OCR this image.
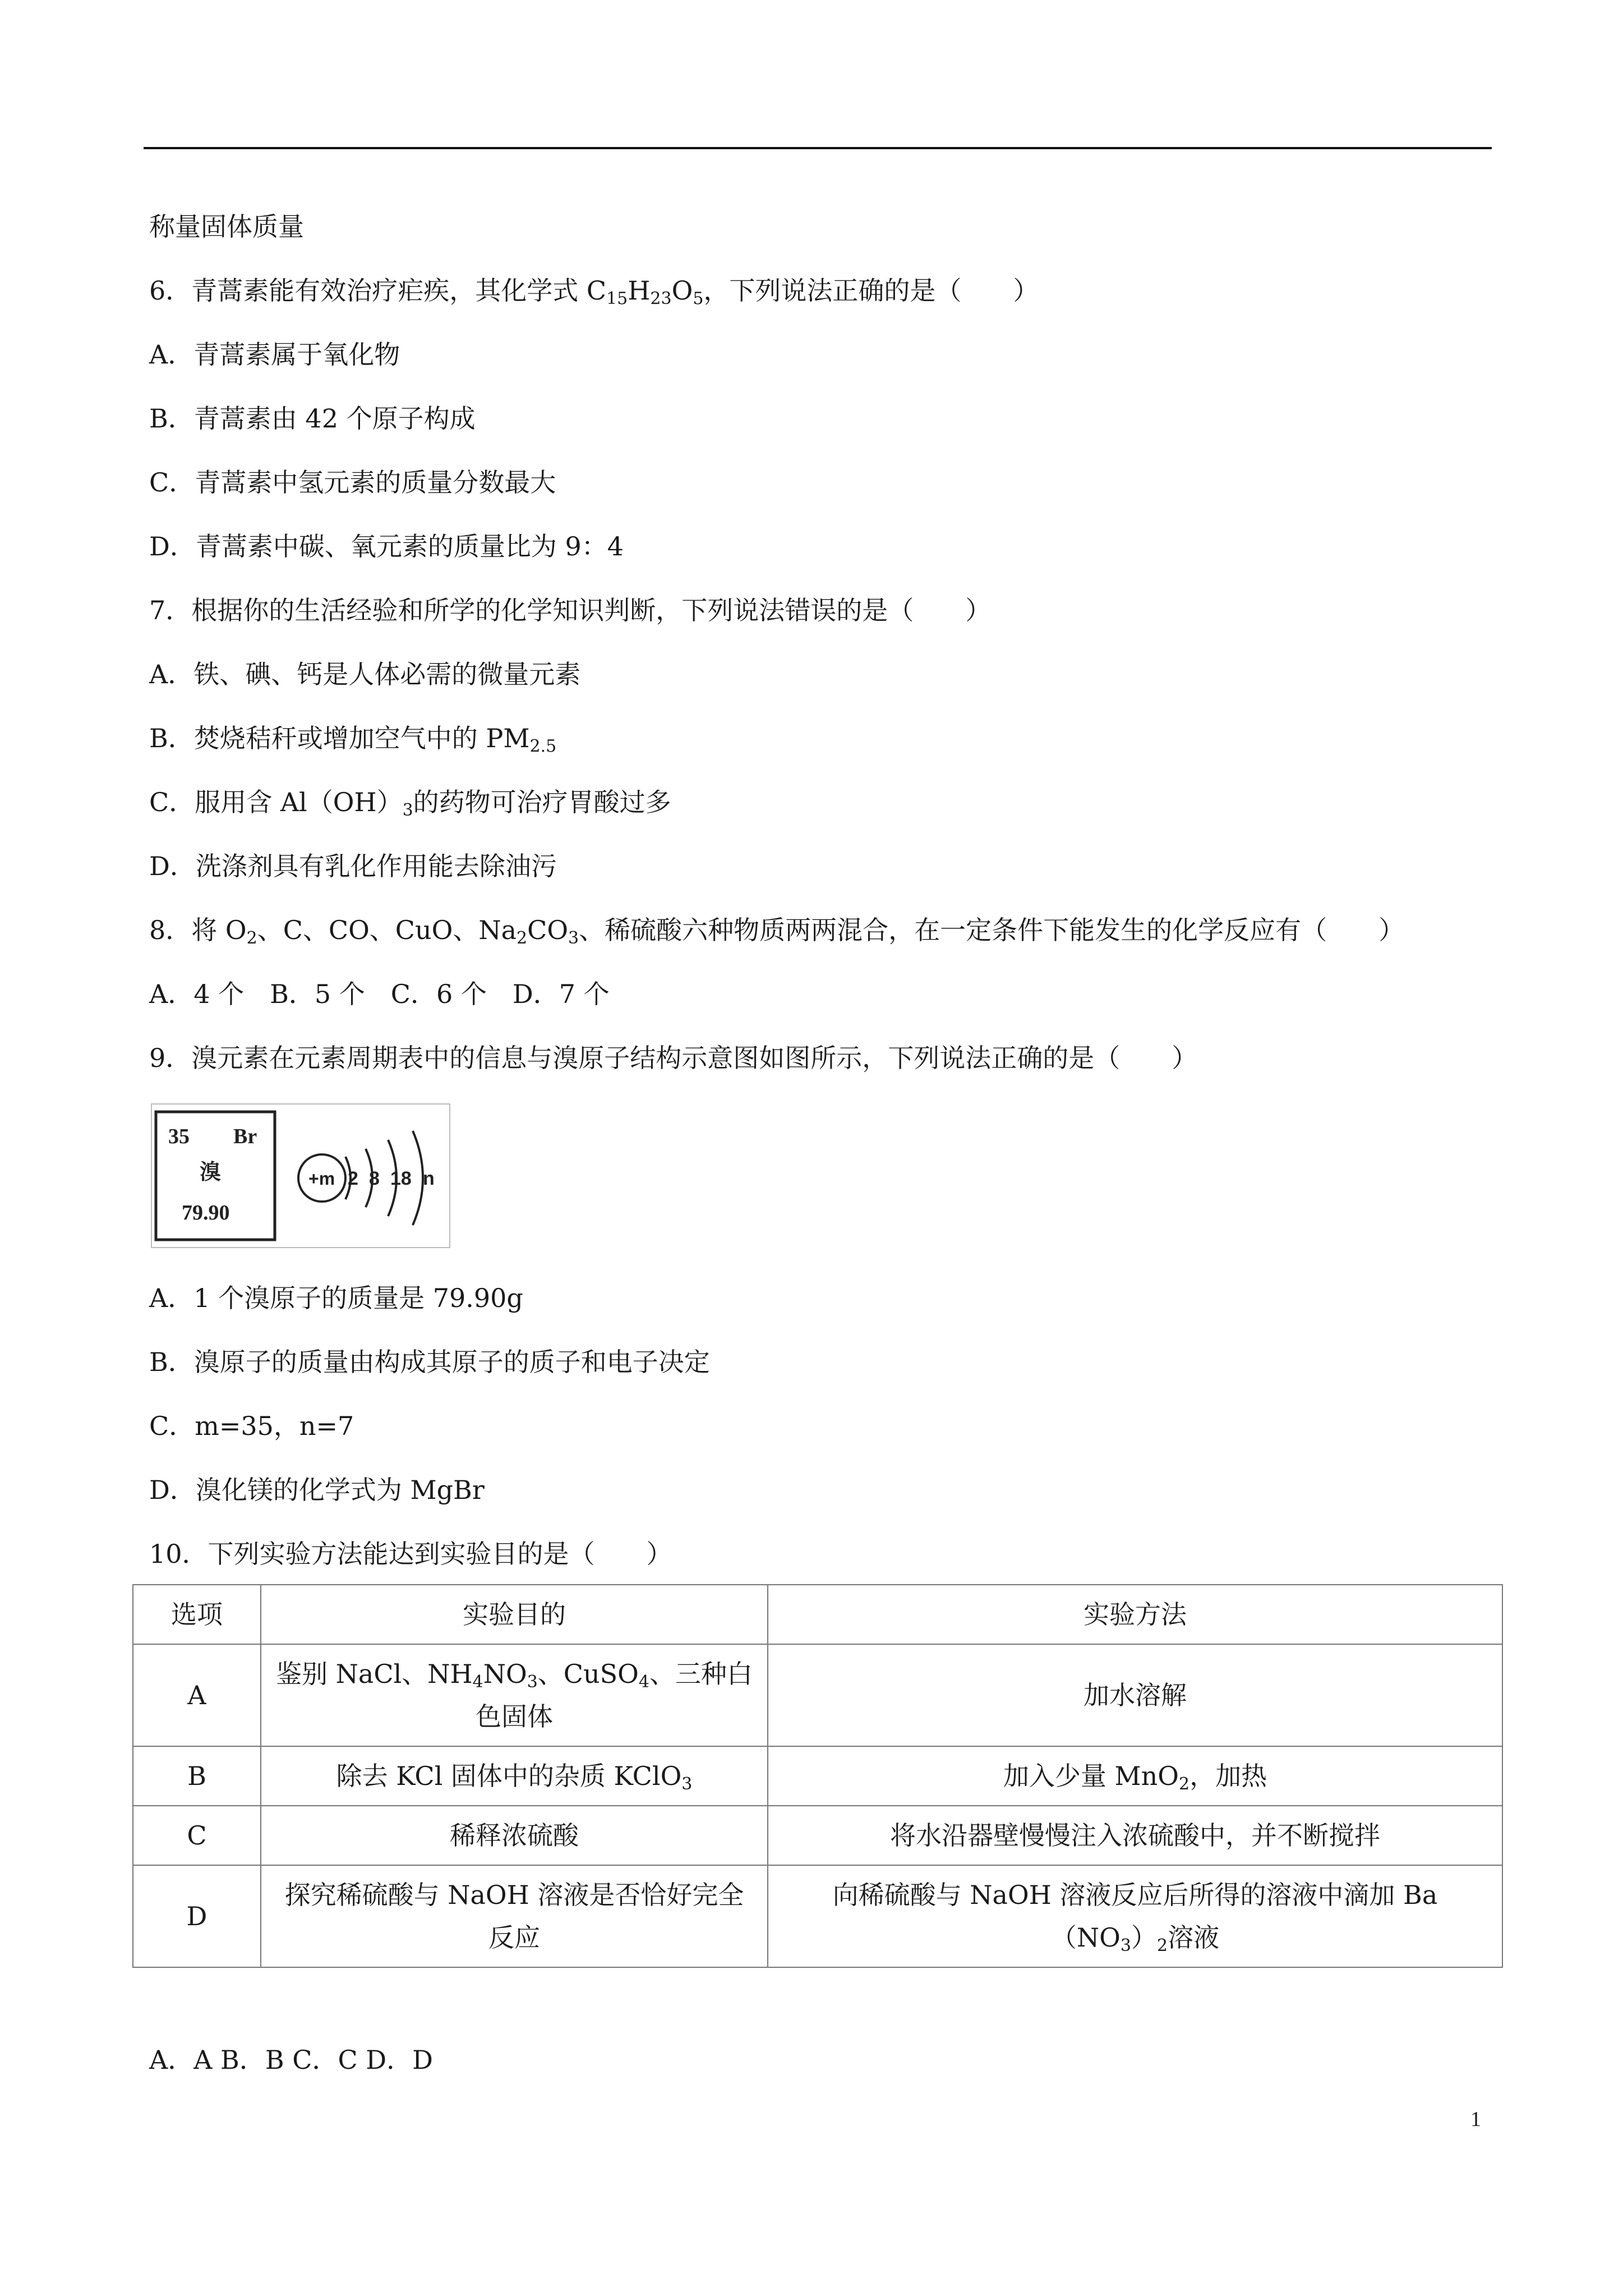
称量固体质量
6．青蒿素能有效治疗疟疾，其化学式 $C_{15}H_{23}O_5$，下列说法正确的是（　　）
A．青蒿素属于氧化物
B．青蒿素由 42 个原子构成
C．青蒿素中氢元素的质量分数最大
D．青蒿素中碳、氧元素的质量比为 9：4
7．根据你的生活经验和所学的化学知识判断，下列说法错误的是（　　）
A．铁、碘、钙是人体必需的微量元素
B．焚烧秸秆或增加空气中的 $PM_{2.5}$
C．服用含 $Al(OH)_3$的药物可治疗胃酸过多
D．洗涤剂具有乳化作用能去除油污
8．将 $O_2$、C、CO、CuO、$Na_2CO_3$、稀硫酸六种物质两两混合，在一定条件下能发生的化学反应有（　　）
A．4 个　B．5 个　C．6 个　D．7 个
9．溴元素在元素周期表中的信息与溴原子结构示意图如图所示，下列说法正确的是（　　）
35 Br
溴
79.90
+m 2 8 18 n
A．1 个溴原子的质量是 79.90g
B．溴原子的质量由构成其原子的质子和电子决定
C．m=35，n=7
D．溴化镁的化学式为 MgBr
10．下列实验方法能达到实验目的是（　　）
选项	实验目的	实验方法
A	鉴别 NaCl、$NH_4NO_3$、CuSO$_4$、三种白色固体	加水溶解
B	除去 KCl 固体中的杂质 KClO$_3$	加入少量 MnO$_2$，加热
C	稀释浓硫酸	将水沿器壁慢慢注入浓硫酸中，并不断搅拌
D	探究稀硫酸与 NaOH 溶液是否恰好完全反应	向稀硫酸与 NaOH 溶液反应后所得的溶液中滴加 $Ba(NO_3)_2$溶液
A．A B．B C．C D．D
1
